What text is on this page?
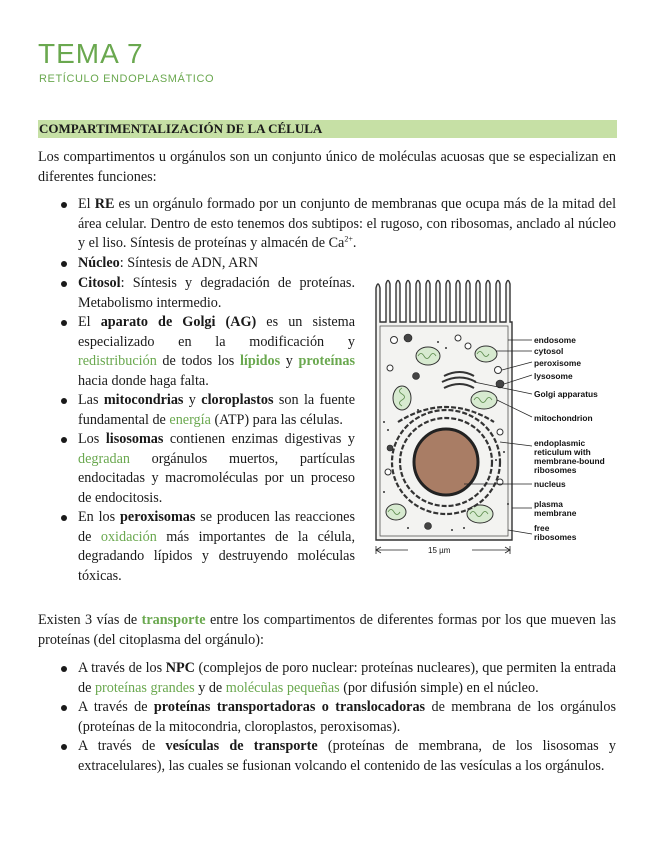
TEMA 7
RETÍCULO ENDOPLASMÁTICO
COMPARTIMENTALIZACIÓN DE LA CÉLULA
Los compartimentos u orgánulos son un conjunto único de moléculas acuosas que se especializan en diferentes funciones:
El RE es un orgánulo formado por un conjunto de membranas que ocupa más de la mitad del área celular. Dentro de esto tenemos dos subtipos: el rugoso, con ribosomas, anclado al núcleo y el liso. Síntesis de proteínas y almacén de $Ca^{2+}$.
Núcleo: Síntesis de ADN, ARN
Citosol: Síntesis y degradación de proteínas. Metabolismo intermedio.
El aparato de Golgi (AG) es un sistema especializado en la modificación y redistribución de todos los lípidos y proteínas hacia donde haga falta.
Las mitocondrias y cloroplastos son la fuente fundamental de energía (ATP) para las células.
Los lisosomas contienen enzimas digestivas y degradan orgánulos muertos, partículas endocitadas y macromoléculas por un proceso de endocitosis.
En los peroxisomas se producen las reacciones de oxidación más importantes de la célula, degradando lípidos y destruyendo moléculas tóxicas.
endosome
cytosol
peroxisome
lysosome
Golgi apparatus
mitochondrion
endoplasmic
reticulum with
membrane-bound
ribosomes
nucleus
plasma
membrane
free
ribosomes
15 µm
Existen 3 vías de transporte entre los compartimentos de diferentes formas por los que mueven las proteínas (del citoplasma del orgánulo):
A través de los NPC (complejos de poro nuclear: proteínas nucleares), que permiten la entrada de proteínas grandes y de moléculas pequeñas (por difusión simple) en el núcleo.
A través de proteínas transportadoras o translocadoras de membrana de los orgánulos (proteínas de la mitocondria, cloroplastos, peroxisomas).
A través de vesículas de transporte (proteínas de membrana, de los lisosomas y extracelulares), las cuales se fusionan volcando el contenido de las vesículas a los orgánulos.
